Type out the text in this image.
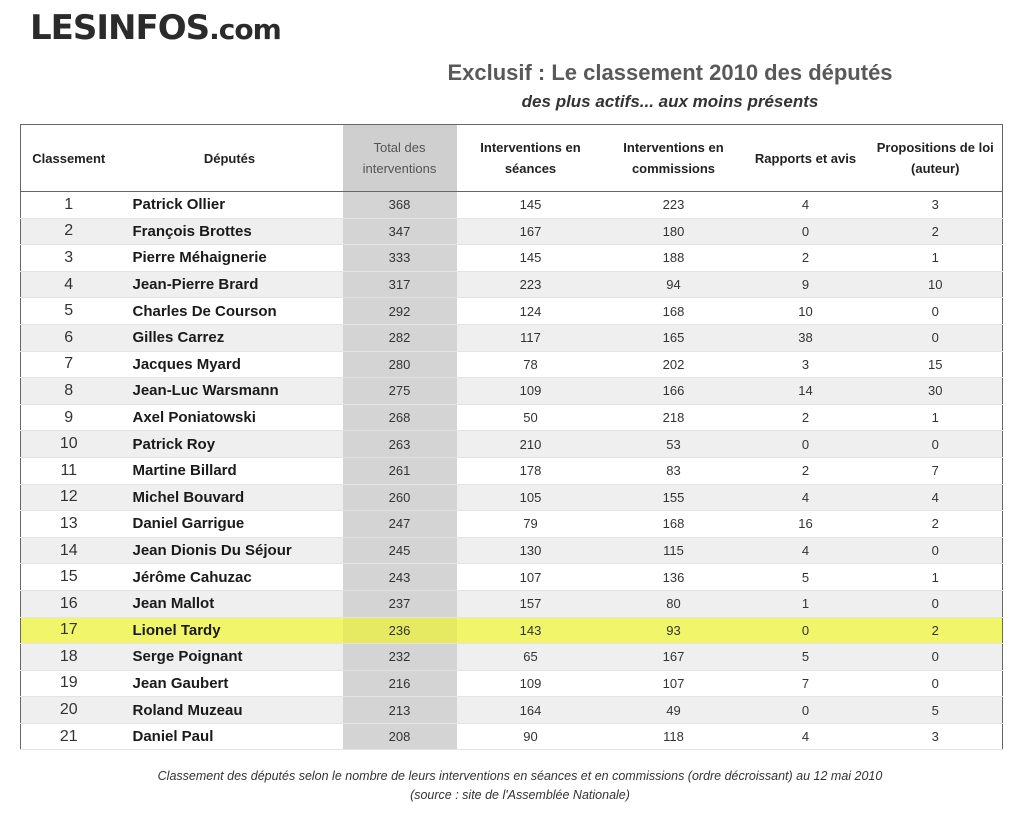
LESINFOS.com
Exclusif : Le classement 2010 des députés
des plus actifs... aux moins présents
Classement	Députés	Total des interventions	Interventions en séances	Interventions en commissions	Rapports et avis	Propositions de loi (auteur)
1	Patrick Ollier	368	145	223	4	3
2	François Brottes	347	167	180	0	2
3	Pierre Méhaignerie	333	145	188	2	1
4	Jean-Pierre Brard	317	223	94	9	10
5	Charles De Courson	292	124	168	10	0
6	Gilles Carrez	282	117	165	38	0
7	Jacques Myard	280	78	202	3	15
8	Jean-Luc Warsmann	275	109	166	14	30
9	Axel Poniatowski	268	50	218	2	1
10	Patrick Roy	263	210	53	0	0
11	Martine Billard	261	178	83	2	7
12	Michel Bouvard	260	105	155	4	4
13	Daniel Garrigue	247	79	168	16	2
14	Jean Dionis Du Séjour	245	130	115	4	0
15	Jérôme Cahuzac	243	107	136	5	1
16	Jean Mallot	237	157	80	1	0
17	Lionel Tardy	236	143	93	0	2
18	Serge Poignant	232	65	167	5	0
19	Jean Gaubert	216	109	107	7	0
20	Roland Muzeau	213	164	49	0	5
21	Daniel Paul	208	90	118	4	3
Classement des députés selon le nombre de leurs interventions en séances et en commissions (ordre décroissant) au 12 mai 2010
(source : site de l'Assemblée Nationale)
